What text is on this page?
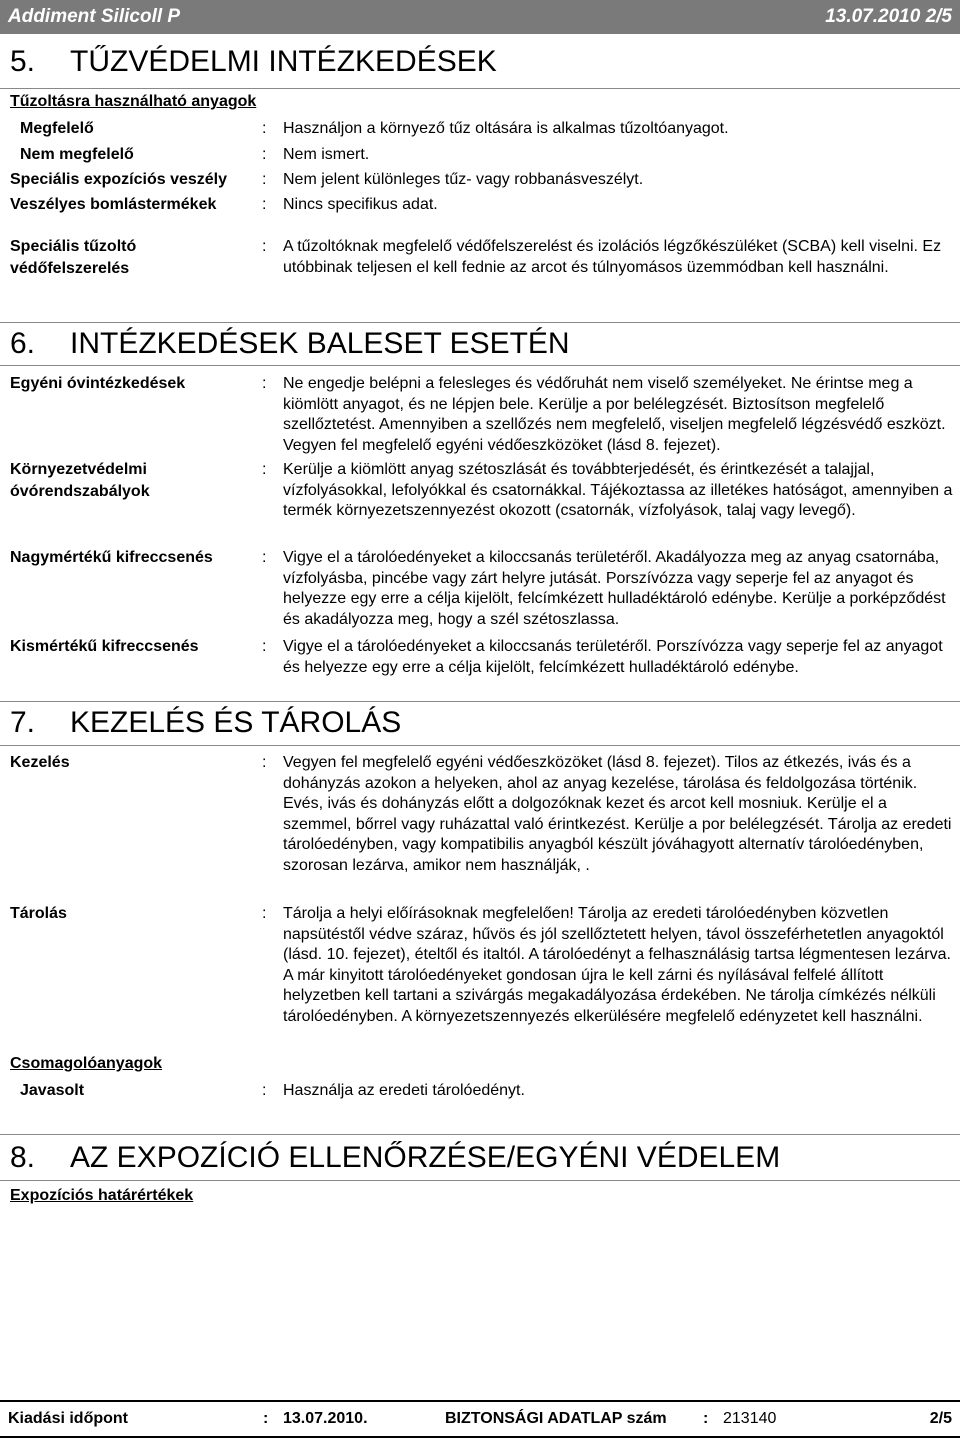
Addiment Silicoll P	13.07.2010 2/5
5. TŰZVÉDELMI INTÉZKEDÉSEK
Tűzoltásra használható anyagok
Megfelelő	: Használjon a környező tűz oltására is alkalmas tűzoltóanyagot.
Nem megfelelő	: Nem ismert.
Speciális expozíciós veszély : Nem jelent különleges tűz- vagy robbanásveszélyt.
Veszélyes bomlástermékek	: Nincs specifikus adat.
Speciális tűzoltó védőfelszerelés
: A tűzoltóknak megfelelő védőfelszerelést és izolációs légzőkészüléket (SCBA) kell viselni. Ez utóbbinak teljesen el kell fednie az arcot és túlnyomásos üzemmódban kell használni.
6. INTÉZKEDÉSEK BALESET ESETÉN
Egyéni óvintézkedések	: Ne engedje belépni a felesleges és védőruhát nem viselő személyeket. Ne érintse meg a kiömlött anyagot, és ne lépjen bele. Kerülje a por belélegzését. Biztosítson megfelelő szellőztetést. Amennyiben a szellőzés nem megfelelő, viseljen megfelelő légzésvédő eszközt. Vegyen fel megfelelő egyéni védőeszközöket (lásd 8. fejezet).
Környezetvédelmi óvórendszabályok
: Kerülje a kiömlött anyag szétoszlását és továbbterjedését, és érintkezését a talajjal, vízfolyásokkal, lefolyókkal és csatornákkal. Tájékoztassa az illetékes hatóságot, amennyiben a termék környezetszennyezést okozott (csatornák, vízfolyások, talaj vagy levegő).
Nagymértékű kifreccsenés	: Vigye el a tárolóedényeket a kiloccsanás területéről. Akadályozza meg az anyag csatornába, vízfolyásba, pincébe vagy zárt helyre jutását. Porszívózza vagy seperje fel az anyagot és helyezze egy erre a célja kijelölt, felcímkézett hulladéktároló edénybe. Kerülje a porképződést és akadályozza meg, hogy a szél szétoszlassa.
Kismértékű kifreccsenés	: Vigye el a tárolóedényeket a kiloccsanás területéről. Porszívózza vagy seperje fel az anyagot és helyezze egy erre a célja kijelölt, felcímkézett hulladéktároló edénybe.
7. KEZELÉS ÉS TÁROLÁS
Kezelés	: Vegyen fel megfelelő egyéni védőeszközöket (lásd 8. fejezet). Tilos az étkezés, ivás és a dohányzás azokon a helyeken, ahol az anyag kezelése, tárolása és feldolgozása történik. Evés, ivás és dohányzás előtt a dolgozóknak kezet és arcot kell mosniuk. Kerülje el a szemmel, bőrrel vagy ruházattal való érintkezést. Kerülje a por belélegzését. Tárolja az eredeti tárolóedényben, vagy kompatibilis anyagból készült jóváhagyott alternatív tárolóedényben, szorosan lezárva, amikor nem használják, .
Tárolás	: Tárolja a helyi előírásoknak megfelelően! Tárolja az eredeti tárolóedényben közvetlen napsütéstől védve száraz, hűvös és jól szellőztetett helyen, távol összeférhetetlen anyagoktól (lásd. 10. fejezet), ételtől és italtól. A tárolóedényt a felhasználásig tartsa légmentesen lezárva. A már kinyitott tárolóedényeket gondosan újra le kell zárni és nyílásával felfelé állított helyzetben kell tartani a szivárgás megakadályozása érdekében. Ne tárolja címkézés nélküli tárolóedényben. A környezetszennyezés elkerülésére megfelelő edényzetet kell használni.
Csomagolóanyagok
Javasolt	: Használja az eredeti tárolóedényt.
8. AZ EXPOZÍCIÓ ELLENŐRZÉSE/EGYÉNI VÉDELEM
Expozíciós határértékek
Kiadási időpont	: 13.07.2010.	BIZTONSÁGI ADATLAP szám : 213140	2/5
